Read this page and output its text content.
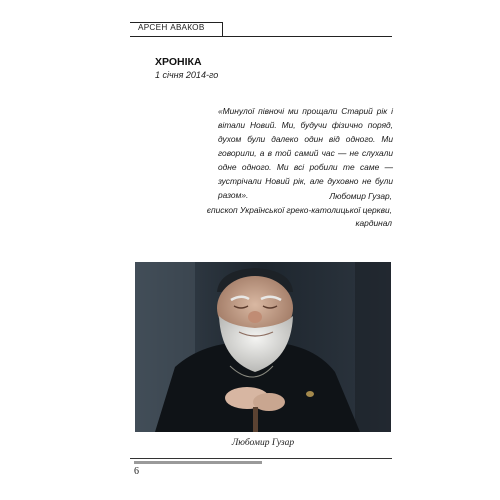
АРСЕН АВАКОВ
ХРОНІКА
1 січня 2014-го
«Минулої півночі ми прощали Старий рік і вітали Новий. Ми, будучи фізично поряд, духом були далеко один від одного. Ми говорили, а в той самий час — не слухали одне одного. Ми всі робили те саме — зустрічали Новий рік, але духовно не були разом».	Любомир Гузар,
єпископ Української греко-католицької церкви,
кардинал
Любомир Гузар
6
